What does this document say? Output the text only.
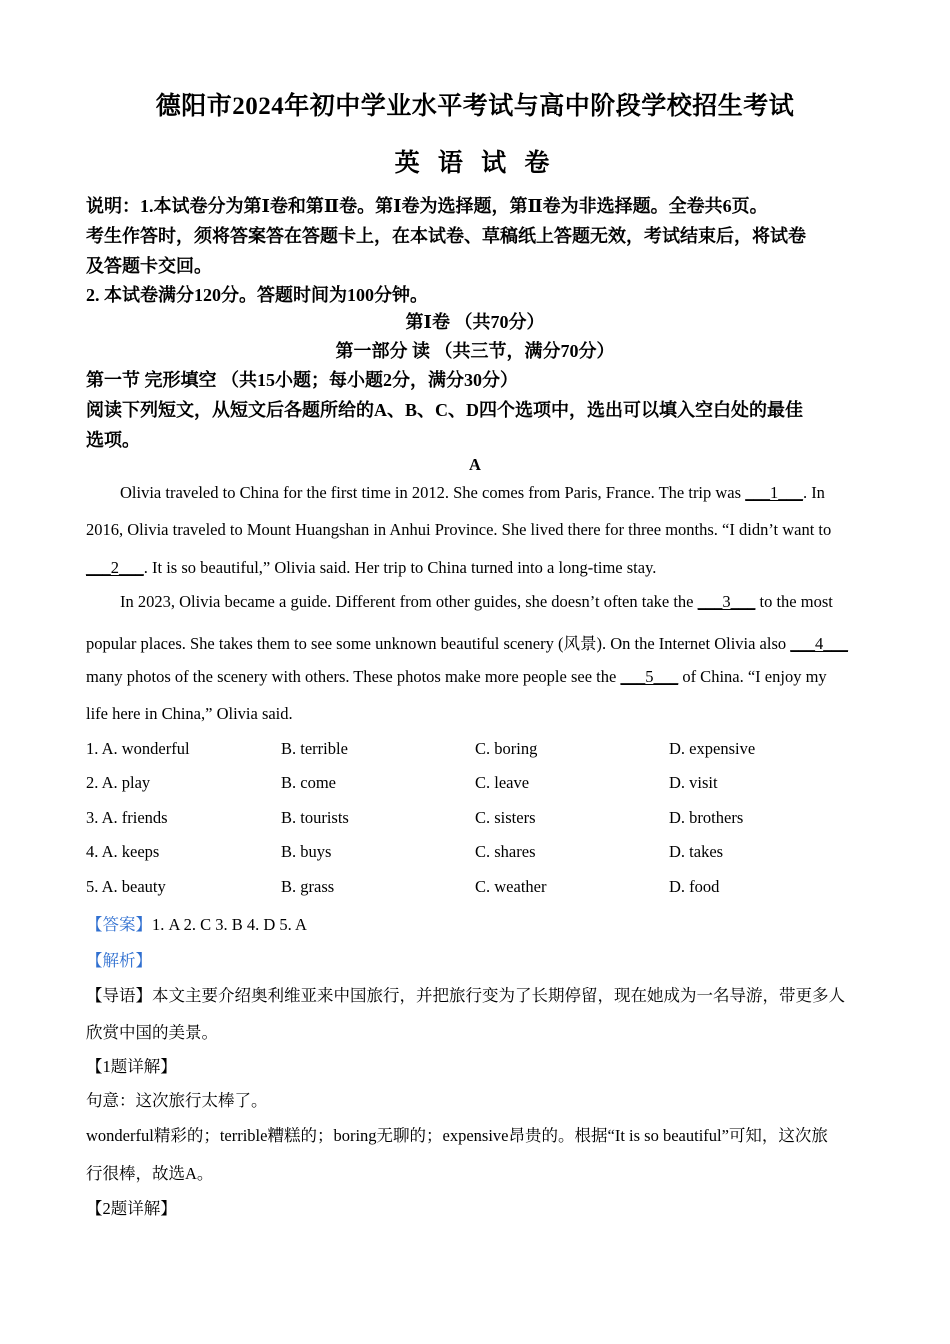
德阳市2024年初中学业水平考试与高中阶段学校招生考试
英 语 试 卷
说明：1.本试卷分为第Ⅰ卷和第Ⅱ卷。第Ⅰ卷为选择题，第Ⅱ卷为非选择题。全卷共6页。
考生作答时，须将答案答在答题卡上，在本试卷、草稿纸上答题无效，考试结束后，将试卷
及答题卡交回。
2. 本试卷满分120分。答题时间为100分钟。
第Ⅰ卷 （共70分）
第一部分 读 （共三节，满分70分）
第一节 完形填空 （共15小题；每小题2分，满分30分）
阅读下列短文，从短文后各题所给的A、B、C、D四个选项中，选出可以填入空白处的最佳
选项。
A
Olivia traveled to China for the first time in 2012. She comes from Paris, France. The trip was ___1___. In
2016, Olivia traveled to Mount Huangshan in Anhui Province. She lived there for three months. “I didn’t want to
___2___. It is so beautiful,” Olivia said. Her trip to China turned into a long-time stay.
In 2023, Olivia became a guide. Different from other guides, she doesn’t often take the ___3___ to the most
popular places. She takes them to see some unknown beautiful scenery (风景). On the Internet Olivia also ___4___
many photos of the scenery with others. These photos make more people see the ___5___ of China. “I enjoy my
life here in China,” Olivia said.
1. A. wonderful	B. terrible	C. boring	D. expensive
2. A. play	B. come	C. leave	D. visit
3. A. friends	B. tourists	C. sisters	D. brothers
4. A. keeps	B. buys	C. shares	D. takes
5. A. beauty	B. grass	C. weather	D. food
【答案】1. A 2. C 3. B 4. D 5. A
【解析】
【导语】本文主要介绍奥利维亚来中国旅行，并把旅行变为了长期停留，现在她成为一名导游，带更多人
欣赏中国的美景。
【1题详解】
句意：这次旅行太棒了。
wonderful精彩的；terrible糟糕的；boring无聊的；expensive昂贵的。根据“It is so beautiful”可知，这次旅
行很棒，故选A。
【2题详解】
